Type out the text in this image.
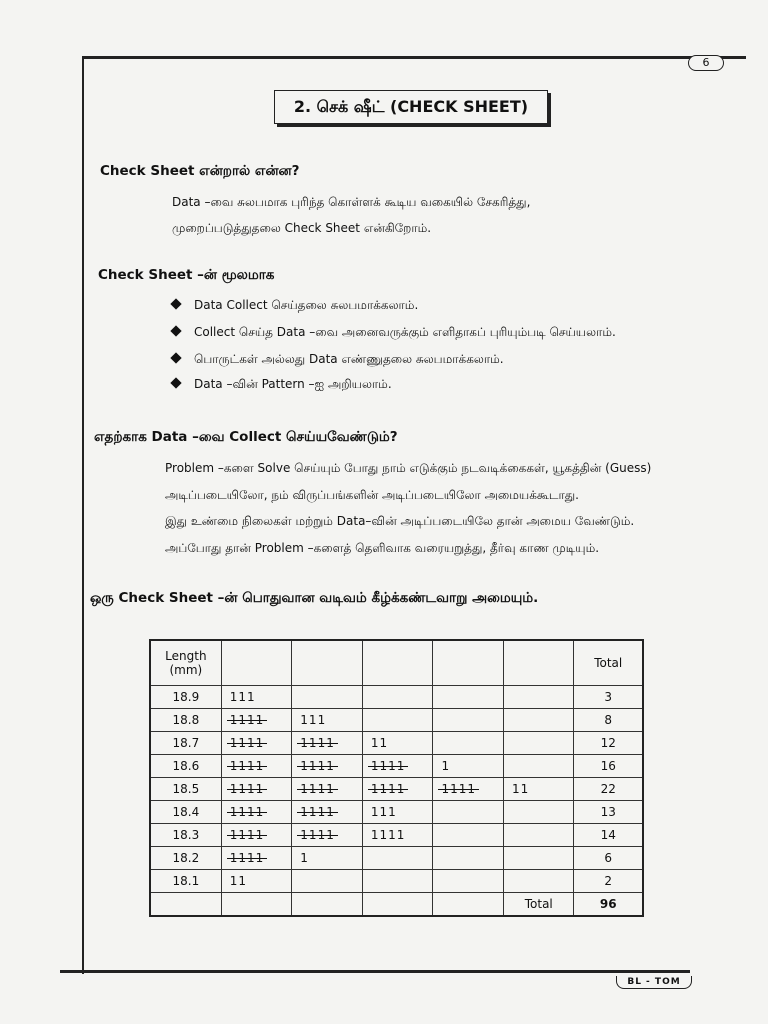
6
BL - TOM
2. செக் ஷீட் (CHECK SHEET)
Check Sheet என்றால் என்ன?
Data –வை சுலபமாக புரிந்த கொள்ளக் கூடிய வகையில் சேகரித்து,
முறைப்படுத்துதலை Check Sheet என்கிறோம்.
Check Sheet –ன் மூலமாக
Data Collect செய்தலை சுலபமாக்கலாம்.
Collect செய்த Data –வை அனைவருக்கும் எளிதாகப் புரியும்படி செய்யலாம்.
பொருட்கள் அல்லது Data எண்ணுதலை சுலபமாக்கலாம்.
Data –வின் Pattern –ஐ அறியலாம்.
எதற்காக Data –வை Collect செய்யவேண்டும்?
Problem –களை Solve செய்யும் போது நாம் எடுக்கும் நடவடிக்கைகள், யூகத்தின் (Guess)
அடிப்படையிலோ, நம் விருப்பங்களின் அடிப்படையிலோ அமையக்கூடாது.
இது உண்மை நிலைகள் மற்றும் Data–வின் அடிப்படையிலே தான் அமைய வேண்டும்.
அப்போது தான் Problem –களைத் தெளிவாக வரையறுத்து, தீர்வு காண முடியும்.
ஒரு Check Sheet –ன் பொதுவான வடிவம் கீழ்க்கண்டவாறு அமையும்.
Length
(mm)						Total
18.9	111					3
18.8	1111	111				8
18.7	1111	1111	11			12
18.6	1111	1111	1111	1		16
18.5	1111	1111	1111	1111	11	22
18.4	1111	1111	111			13
18.3	1111	1111	1111			14
18.2	1111	1				6
18.1	11					2
					Total	96
